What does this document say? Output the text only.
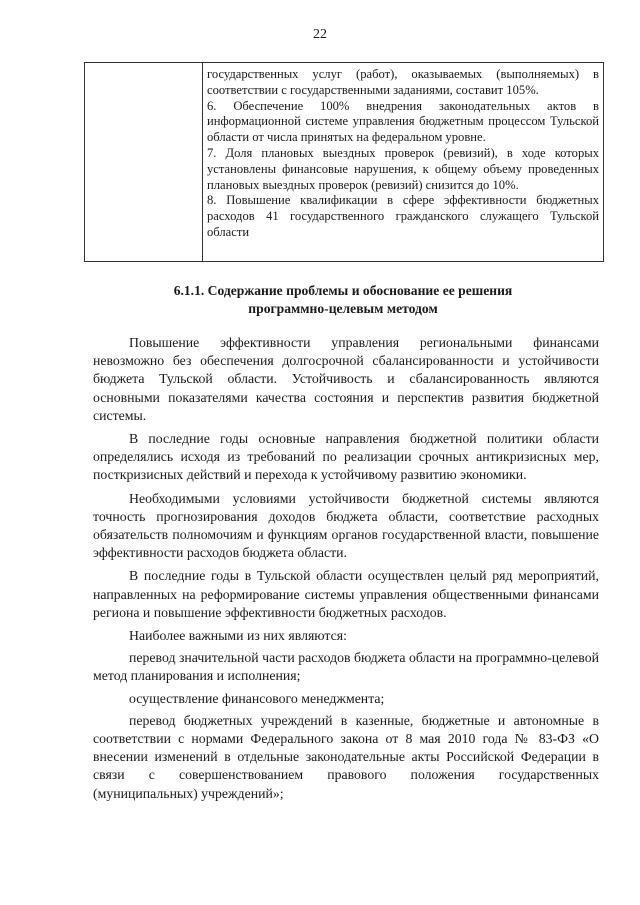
22

государственных услуг (работ), оказываемых (выполняемых) в соответствии с государственными заданиями, составит 105%.

6. Обеспечение 100% внедрения законодательных актов в информационной системе управления бюджетным процессом Тульской области от числа принятых на федеральном уровне.

7. Доля плановых выездных проверок (ревизий), в ходе которых установлены финансовые нарушения, к общему объему проведенных плановых выездных проверок (ревизий) снизится до 10%.

8. Повышение квалификации в сфере эффективности бюджетных расходов 41 государственного гражданского служащего Тульской области

6.1.1. Содержание проблемы и обоснование ее решения

программно-целевым методом

Повышение эффективности управления региональными финансами невозможно без обеспечения долгосрочной сбалансированности и устойчивости бюджета Тульской области. Устойчивость и сбалансированность являются основными показателями качества состояния и перспектив развития бюджетной системы.

В последние годы основные направления бюджетной политики области определялись исходя из требований по реализации срочных антикризисных мер, посткризисных действий и перехода к устойчивому развитию экономики.

Необходимыми условиями устойчивости бюджетной системы являются точность прогнозирования доходов бюджета области, соответствие расходных обязательств полномочиям и функциям органов государственной власти, повышение эффективности расходов бюджета области.

В последние годы в Тульской области осуществлен целый ряд мероприятий, направленных на реформирование системы управления общественными финансами региона и повышение эффективности бюджетных расходов.

Наиболее важными из них являются:

перевод значительной части расходов бюджета области на программно-целевой метод планирования и исполнения;

осуществление финансового менеджмента;

перевод бюджетных учреждений в казенные, бюджетные и автономные в соответствии с нормами Федерального закона от 8 мая 2010 года № 83-ФЗ «О внесении изменений в отдельные законодательные акты Российской Федерации в связи с совершенствованием правового положения государственных (муниципальных) учреждений»;
